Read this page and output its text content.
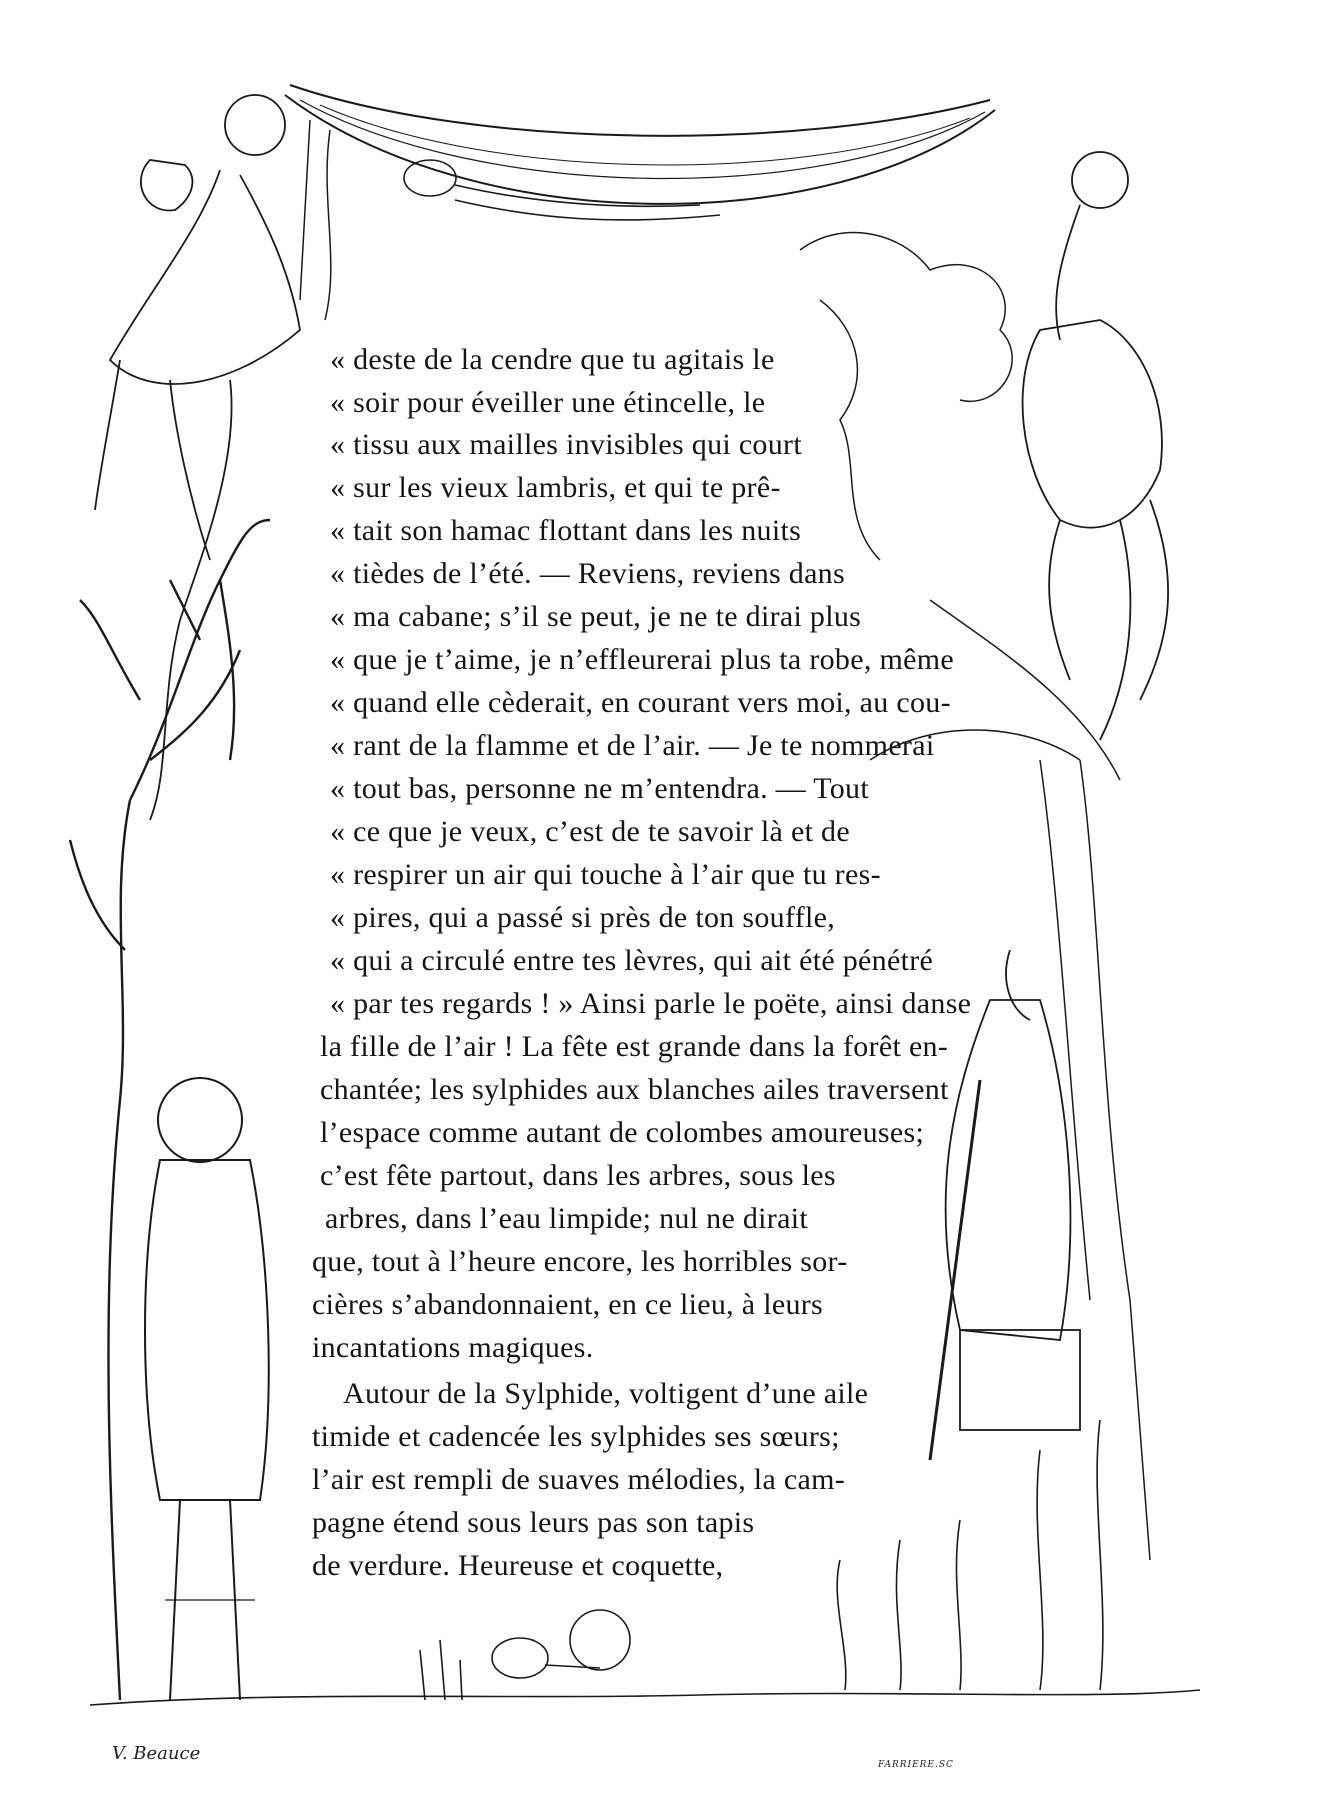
« deste de la cendre que tu agitais le
« soir pour éveiller une étincelle, le
« tissu aux mailles invisibles qui court
« sur les vieux lambris, et qui te prê-
« tait son hamac flottant dans les nuits
« tièdes de l’été. — Reviens, reviens dans
« ma cabane; s’il se peut, je ne te dirai plus
« que je t’aime, je n’effleurerai plus ta robe, même
« quand elle cèderait, en courant vers moi, au cou-
« rant de la flamme et de l’air. — Je te nommerai
« tout bas, personne ne m’entendra. — Tout
« ce que je veux, c’est de te savoir là et de
« respirer un air qui touche à l’air que tu res-
« pires, qui a passé si près de ton souffle,
« qui a circulé entre tes lèvres, qui ait été pénétré
« par tes regards ! » Ainsi parle le poëte, ainsi danse
la fille de l’air ! La fête est grande dans la forêt en-
chantée; les sylphides aux blanches ailes traversent
l’espace comme autant de colombes amoureuses;
c’est fête partout, dans les arbres, sous les
arbres, dans l’eau limpide; nul ne dirait
que, tout à l’heure encore, les horribles sor-
cières s’abandonnaient, en ce lieu, à leurs
incantations magiques.
Autour de la Sylphide, voltigent d’une aile
timide et cadencée les sylphides ses sœurs;
l’air est rempli de suaves mélodies, la cam-
pagne étend sous leurs pas son tapis
de verdure. Heureuse et coquette,
V. Beauce
FARRIERE.SC
